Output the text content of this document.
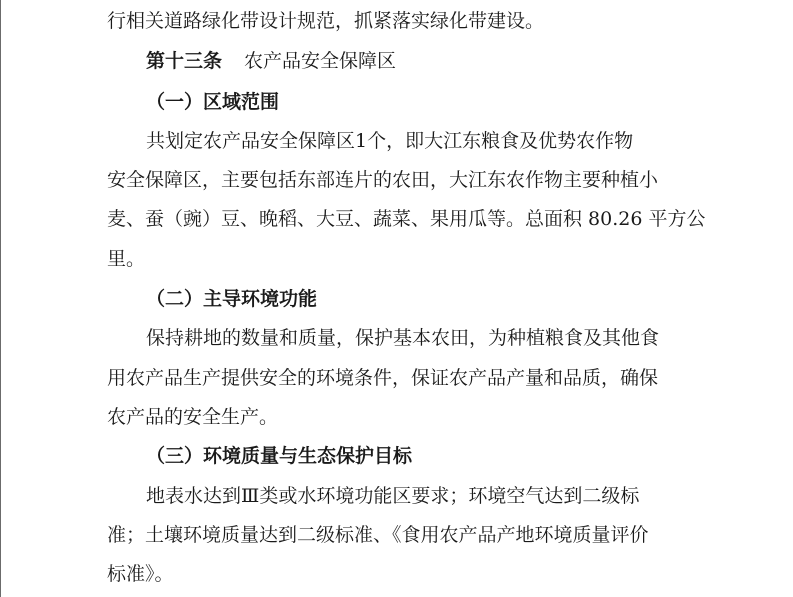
行相关道路绿化带设计规范，抓紧落实绿化带建设。
第十三条 农产品安全保障区
（一）区域范围
共划定农产品安全保障区1个，即大江东粮食及优势农作物
安全保障区，主要包括东部连片的农田，大江东农作物主要种植小
麦、蚕（豌）豆、晚稻、大豆、蔬菜、果用瓜等。总面积 80.26 平方公
里。
（二）主导环境功能
保持耕地的数量和质量，保护基本农田，为种植粮食及其他食
用农产品生产提供安全的环境条件，保证农产品产量和品质，确保
农产品的安全生产。
（三）环境质量与生态保护目标
地表水达到Ⅲ类或水环境功能区要求；环境空气达到二级标
准；土壤环境质量达到二级标准、《食用农产品产地环境质量评价
标准》。
